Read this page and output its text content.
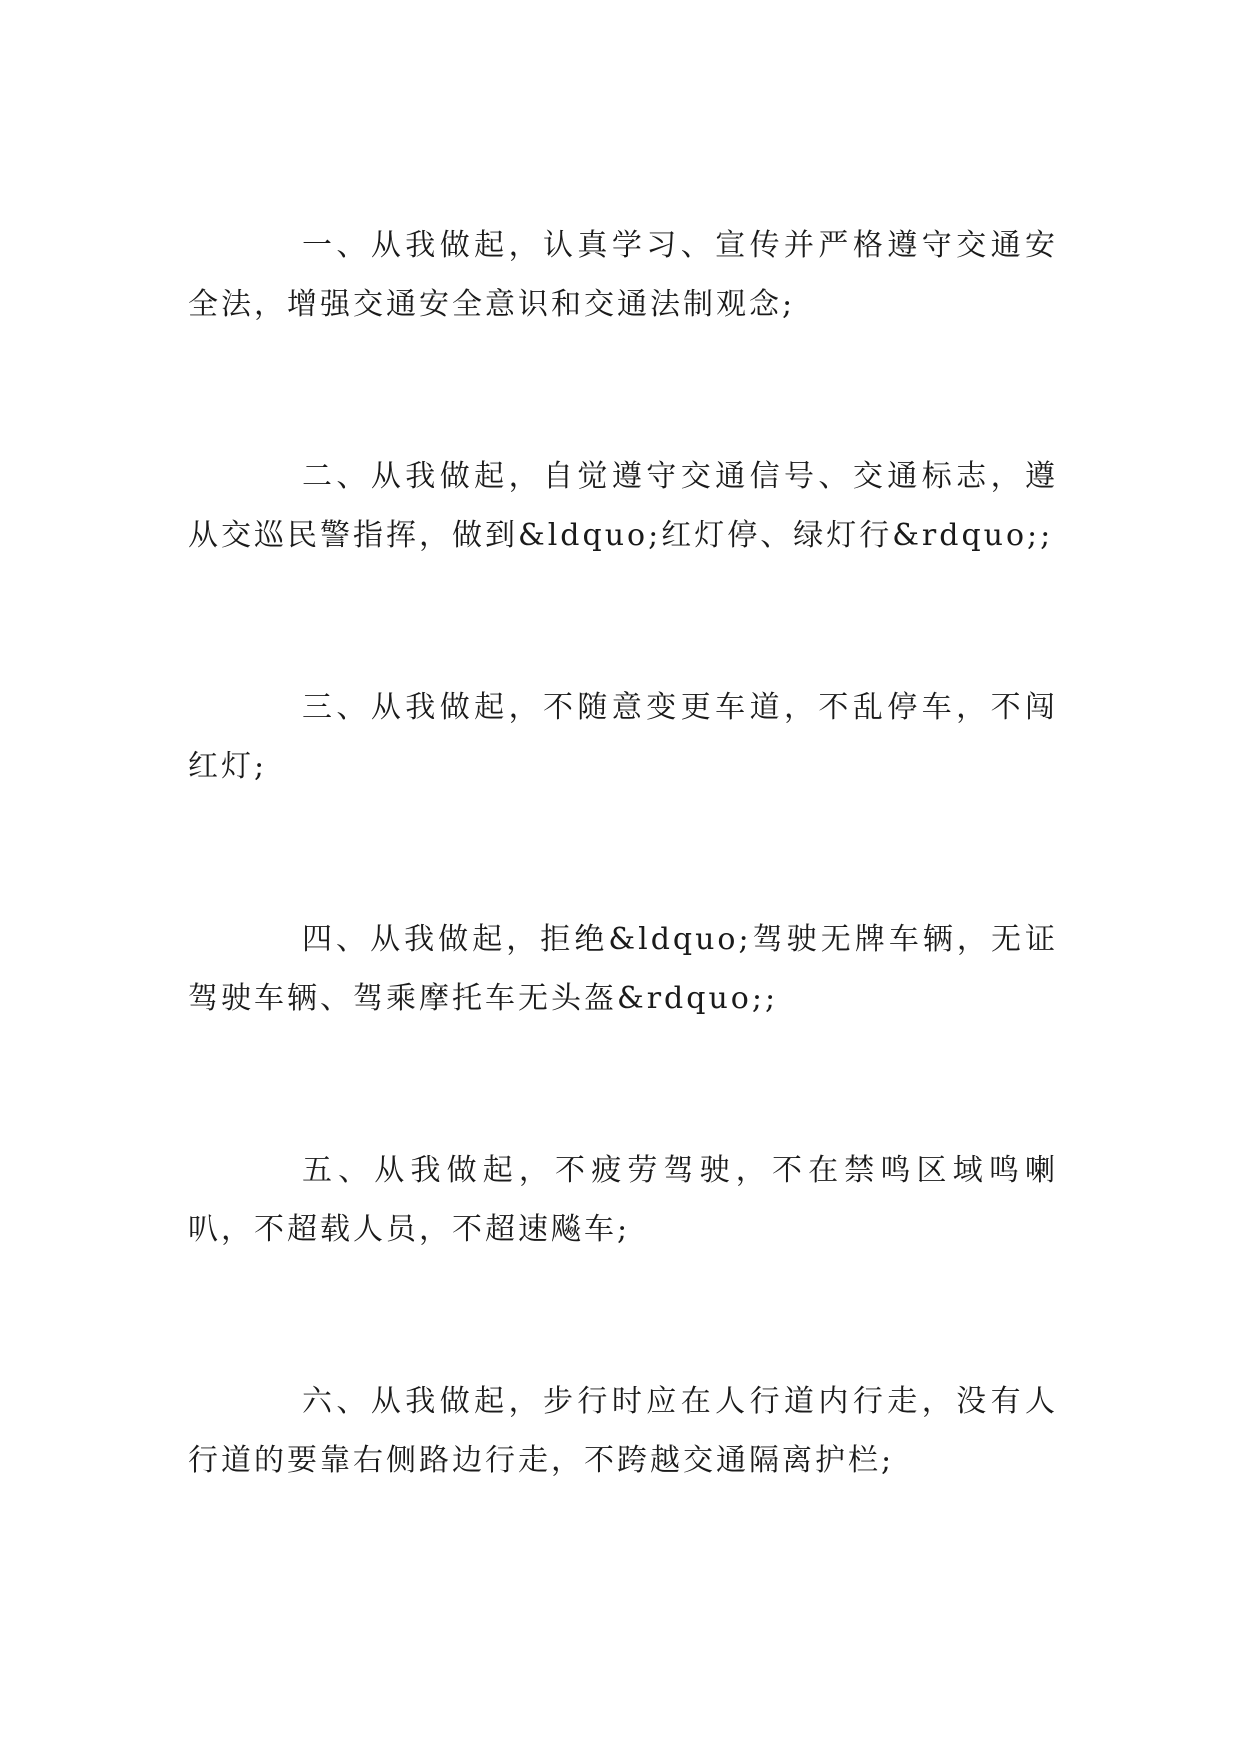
一、从我做起，认真学习、宣传并严格遵守交通安全法，增强交通安全意识和交通法制观念;

二、从我做起，自觉遵守交通信号、交通标志，遵从交巡民警指挥，做到&ldquo;红灯停、绿灯行&rdquo;;

三、从我做起，不随意变更车道，不乱停车，不闯红灯;

四、从我做起，拒绝&ldquo;驾驶无牌车辆，无证驾驶车辆、驾乘摩托车无头盔&rdquo;;

五、从我做起，不疲劳驾驶，不在禁鸣区域鸣喇叭，不超载人员，不超速飚车;

六、从我做起，步行时应在人行道内行走，没有人行道的要靠右侧路边行走，不跨越交通隔离护栏;
